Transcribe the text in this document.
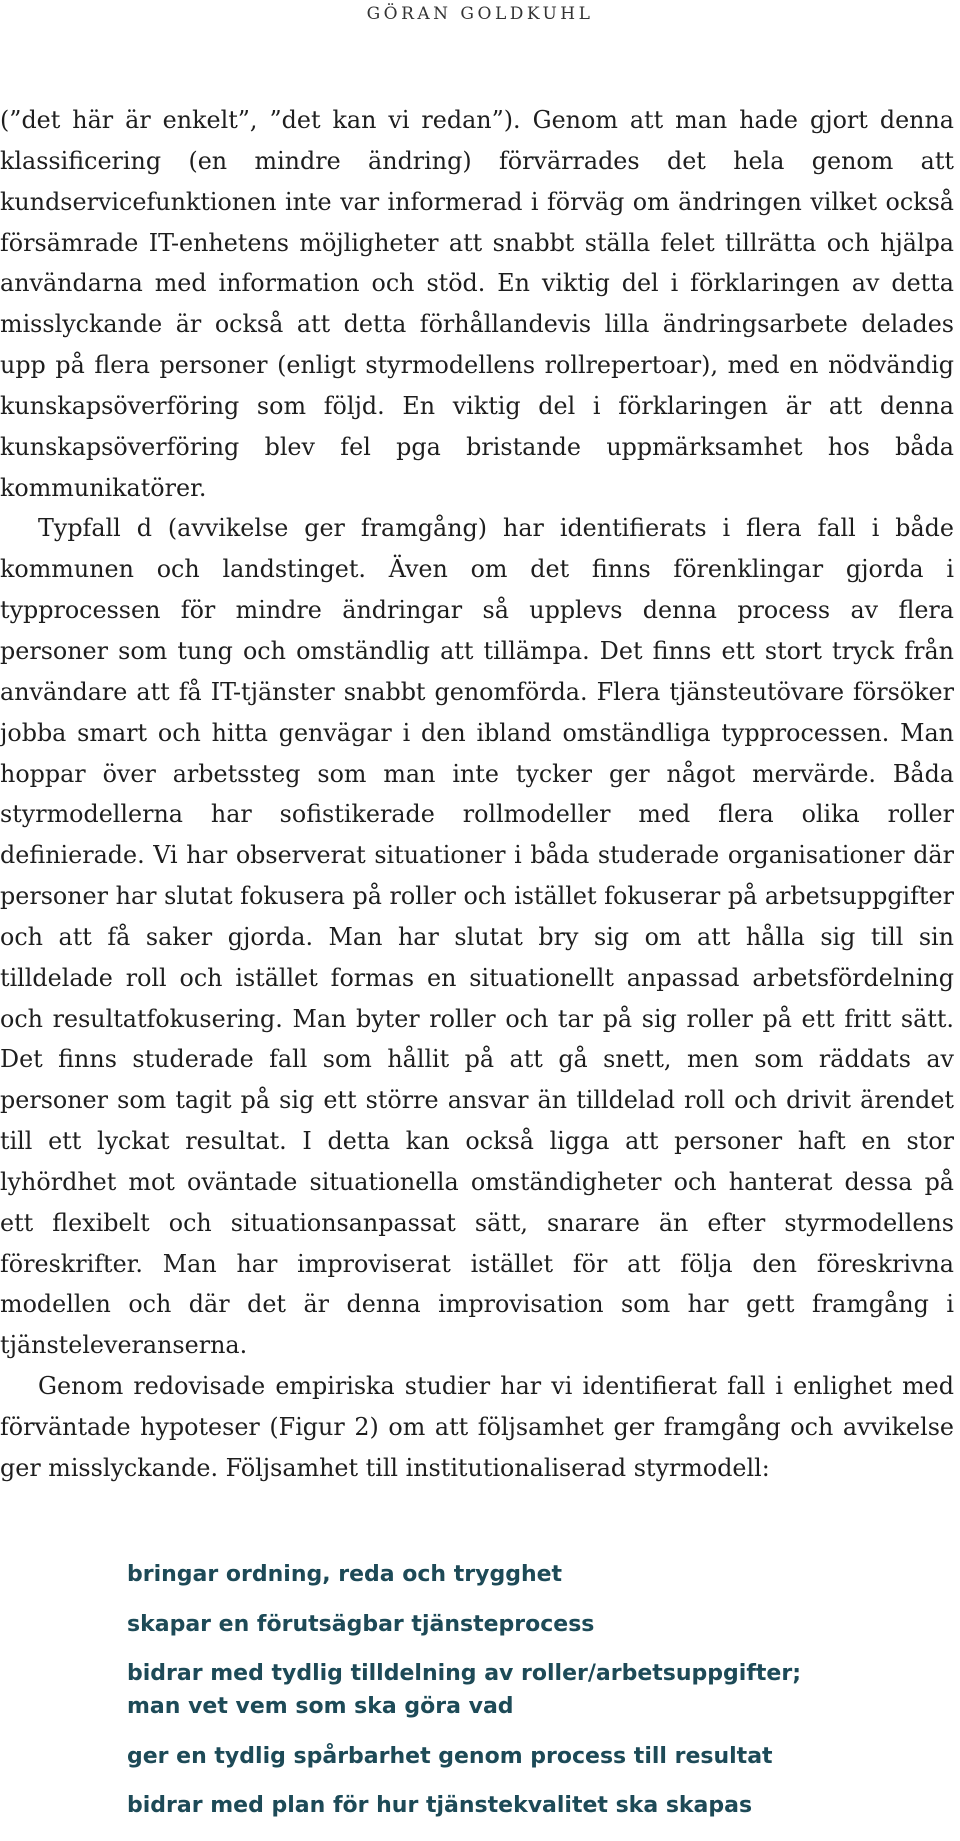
GÖRAN GOLDKUHL

(”det här är enkelt”, ”det kan vi redan”). Genom att man hade gjort denna klassificering (en mindre ändring) förvärrades det hela genom att kundservicefunktionen inte var informerad i förväg om ändringen vilket också försämrade IT-enhetens möjligheter att snabbt ställa felet tillrätta och hjälpa användarna med information och stöd. En viktig del i förklaringen av detta misslyckande är också att detta förhållandevis lilla ändringsarbete delades upp på flera personer (enligt styrmodellens rollrepertoar), med en nödvändig kunskapsöverföring som följd. En viktig del i förklaringen är att denna kunskapsöverföring blev fel pga bristande uppmärksamhet hos båda kommunikatörer.

Typfall d (avvikelse ger framgång) har identifierats i flera fall i både kommunen och landstinget. Även om det finns förenklingar gjorda i typprocessen för mindre ändringar så upplevs denna process av flera personer som tung och omständlig att tillämpa. Det finns ett stort tryck från användare att få IT-tjänster snabbt genomförda. Flera tjänsteutövare försöker jobba smart och hitta genvägar i den ibland omständliga typprocessen. Man hoppar över arbetssteg som man inte tycker ger något mervärde. Båda styrmodellerna har sofistikerade rollmodeller med flera olika roller definierade. Vi har observerat situationer i båda studerade organisationer där personer har slutat fokusera på roller och istället fokuserar på arbetsuppgifter och att få saker gjorda. Man har slutat bry sig om att hålla sig till sin tilldelade roll och istället formas en situationellt anpassad arbetsfördelning och resultatfokusering. Man byter roller och tar på sig roller på ett fritt sätt. Det finns studerade fall som hållit på att gå snett, men som räddats av personer som tagit på sig ett större ansvar än tilldelad roll och drivit ärendet till ett lyckat resultat. I detta kan också ligga att personer haft en stor lyhördhet mot oväntade situationella omständigheter och hanterat dessa på ett flexibelt och situationsanpassat sätt, snarare än efter styrmodellens föreskrifter. Man har improviserat istället för att följa den föreskrivna modellen och där det är denna improvisation som har gett framgång i tjänsteleveranserna.

Genom redovisade empiriska studier har vi identifierat fall i enlighet med förväntade hypoteser (Figur 2) om att följsamhet ger framgång och avvikelse ger misslyckande. Följsamhet till institutionaliserad styrmodell:

bringar ordning, reda och trygghet
skapar en förutsägbar tjänsteprocess
bidrar med tydlig tilldelning av roller/arbetsuppgifter; man vet vem som ska göra vad
ger en tydlig spårbarhet genom process till resultat
bidrar med plan för hur tjänstekvalitet ska skapas
